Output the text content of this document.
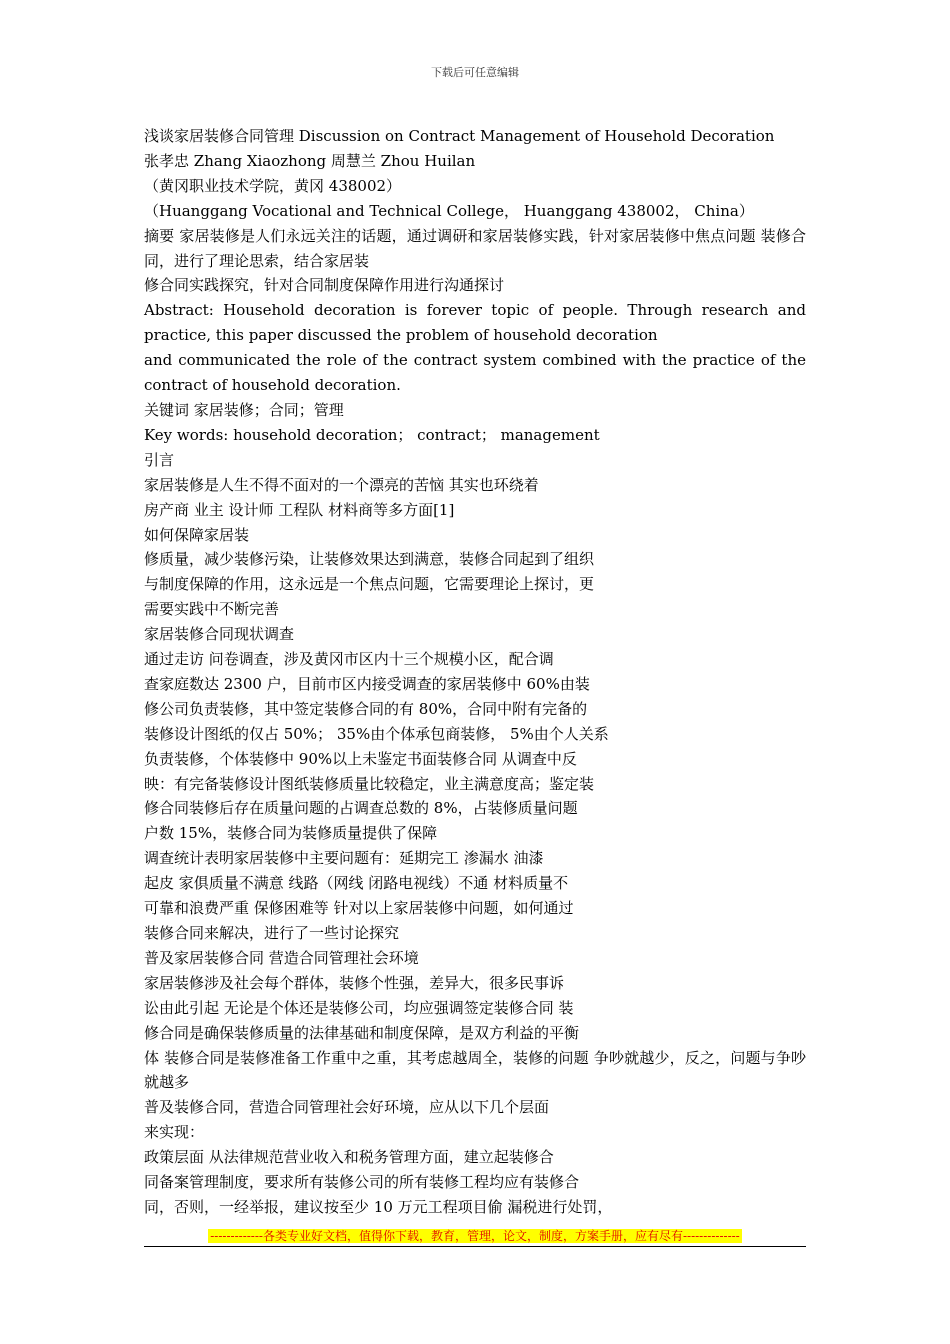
下载后可任意编辑
浅谈家居装修合同管理 Discussion on Contract Management of Household Decoration
张孝忠 Zhang Xiaozhong 周慧兰 Zhou Huilan
（黄冈职业技术学院，黄冈 438002）
（Huanggang Vocational and Technical College， Huanggang 438002， China）
摘要 家居装修是人们永远关注的话题，通过调研和家居装修实践，针对家居装修中焦点问题 装修合同，进行了理论思索，结合家居装
修合同实践探究，针对合同制度保障作用进行沟通探讨
Abstract: Household decoration is forever topic of people. Through research and practice, this paper discussed the problem of household decoration
and communicated the role of the contract system combined with the practice of the contract of household decoration.
关键词 家居装修；合同；管理
Key words: household decoration； contract； management
引言
家居装修是人生不得不面对的一个漂亮的苦恼 其实也环绕着
房产商 业主 设计师 工程队 材料商等多方面[1]
如何保障家居装
修质量，减少装修污染，让装修效果达到满意，装修合同起到了组织
与制度保障的作用，这永远是一个焦点问题，它需要理论上探讨，更
需要实践中不断完善
家居装修合同现状调查
通过走访 问卷调查，涉及黄冈市区内十三个规模小区，配合调
查家庭数达 2300 户，目前市区内接受调查的家居装修中 60%由装
修公司负责装修，其中签定装修合同的有 80%，合同中附有完备的
装修设计图纸的仅占 50%； 35%由个体承包商装修， 5%由个人关系
负责装修，个体装修中 90%以上未鉴定书面装修合同 从调查中反
映：有完备装修设计图纸装修质量比较稳定，业主满意度高；鉴定装
修合同装修后存在质量问题的占调查总数的 8%，占装修质量问题
户数 15%，装修合同为装修质量提供了保障
调查统计表明家居装修中主要问题有：延期完工 渗漏水 油漆
起皮 家俱质量不满意 线路（网线 闭路电视线）不通 材料质量不
可靠和浪费严重 保修困难等 针对以上家居装修中问题，如何通过
装修合同来解决，进行了一些讨论探究
普及家居装修合同 营造合同管理社会环境
家居装修涉及社会每个群体，装修个性强，差异大，很多民事诉
讼由此引起 无论是个体还是装修公司，均应强调签定装修合同 装
修合同是确保装修质量的法律基础和制度保障，是双方利益的平衡
体 装修合同是装修准备工作重中之重，其考虑越周全，装修的问题 争吵就越少，反之，问题与争吵就越多
普及装修合同，营造合同管理社会好环境，应从以下几个层面
来实现：
政策层面 从法律规范营业收入和税务管理方面，建立起装修合
同备案管理制度，要求所有装修公司的所有装修工程均应有装修合
同，否则，一经举报，建议按至少 10 万元工程项目偷 漏税进行处罚，
-------------各类专业好文档，值得你下载，教育，管理，论文，制度，方案手册，应有尽有--------------
